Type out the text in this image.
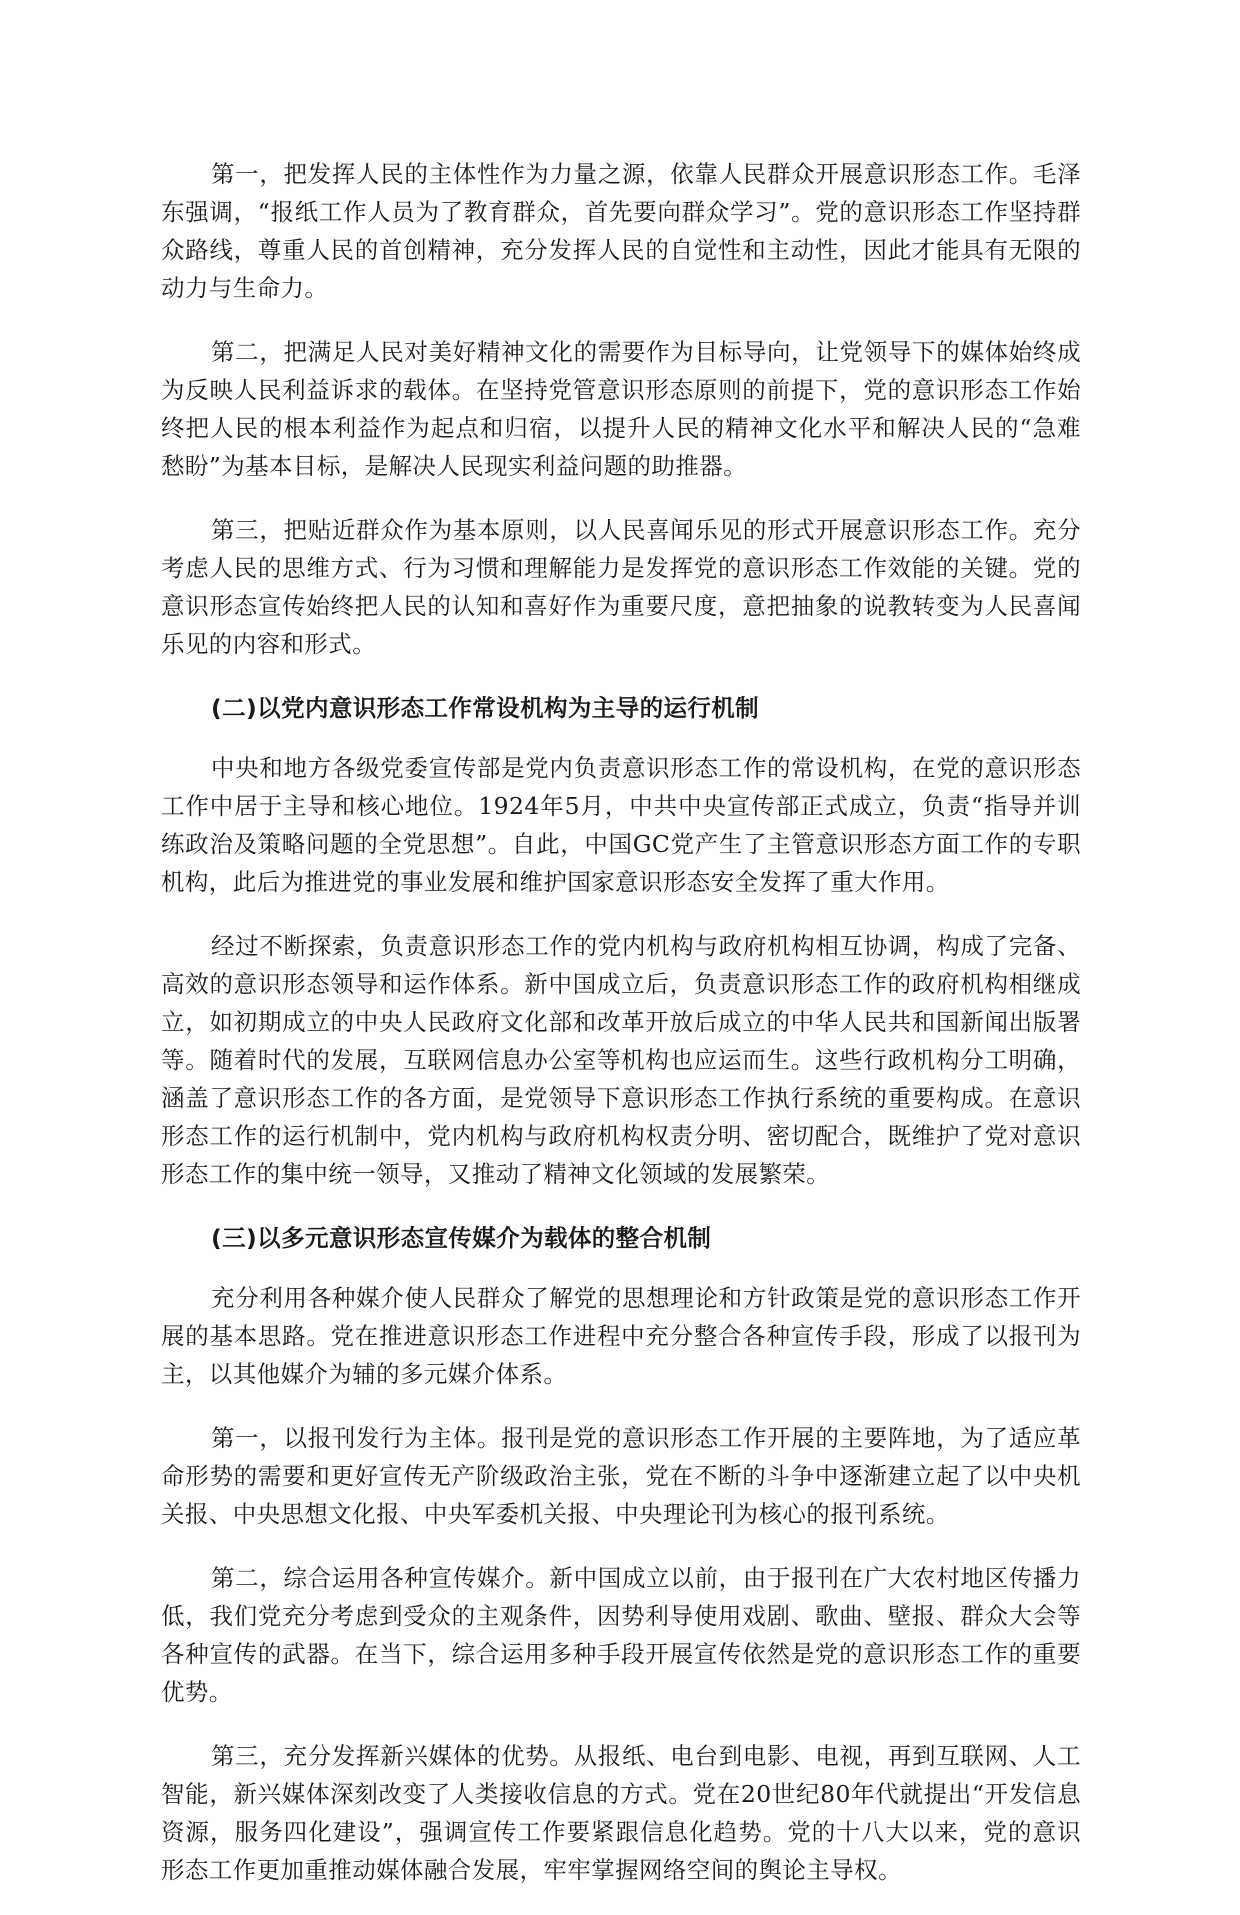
第一，把发挥人民的主体性作为力量之源，依靠人民群众开展意识形态工作。毛泽东强调，“报纸工作人员为了教育群众，首先要向群众学习”。党的意识形态工作坚持群众路线，尊重人民的首创精神，充分发挥人民的自觉性和主动性，因此才能具有无限的动力与生命力。

第二，把满足人民对美好精神文化的需要作为目标导向，让党领导下的媒体始终成为反映人民利益诉求的载体。在坚持党管意识形态原则的前提下，党的意识形态工作始终把人民的根本利益作为起点和归宿，以提升人民的精神文化水平和解决人民的“急难愁盼”为基本目标，是解决人民现实利益问题的助推器。

第三，把贴近群众作为基本原则，以人民喜闻乐见的形式开展意识形态工作。充分考虑人民的思维方式、行为习惯和理解能力是发挥党的意识形态工作效能的关键。党的意识形态宣传始终把人民的认知和喜好作为重要尺度，意把抽象的说教转变为人民喜闻乐见的内容和形式。

(二)以党内意识形态工作常设机构为主导的运行机制

中央和地方各级党委宣传部是党内负责意识形态工作的常设机构，在党的意识形态工作中居于主导和核心地位。1924年5月，中共中央宣传部正式成立，负责“指导并训练政治及策略问题的全党思想”。自此，中国GC党产生了主管意识形态方面工作的专职机构，此后为推进党的事业发展和维护国家意识形态安全发挥了重大作用。

经过不断探索，负责意识形态工作的党内机构与政府机构相互协调，构成了完备、高效的意识形态领导和运作体系。新中国成立后，负责意识形态工作的政府机构相继成立，如初期成立的中央人民政府文化部和改革开放后成立的中华人民共和国新闻出版署等。随着时代的发展，互联网信息办公室等机构也应运而生。这些行政机构分工明确，涵盖了意识形态工作的各方面，是党领导下意识形态工作执行系统的重要构成。在意识形态工作的运行机制中，党内机构与政府机构权责分明、密切配合，既维护了党对意识形态工作的集中统一领导，又推动了精神文化领域的发展繁荣。

(三)以多元意识形态宣传媒介为载体的整合机制

充分利用各种媒介使人民群众了解党的思想理论和方针政策是党的意识形态工作开展的基本思路。党在推进意识形态工作进程中充分整合各种宣传手段，形成了以报刊为主，以其他媒介为辅的多元媒介体系。

第一，以报刊发行为主体。报刊是党的意识形态工作开展的主要阵地，为了适应革命形势的需要和更好宣传无产阶级政治主张，党在不断的斗争中逐渐建立起了以中央机关报、中央思想文化报、中央军委机关报、中央理论刊为核心的报刊系统。

第二，综合运用各种宣传媒介。新中国成立以前，由于报刊在广大农村地区传播力低，我们党充分考虑到受众的主观条件，因势利导使用戏剧、歌曲、壁报、群众大会等各种宣传的武器。在当下，综合运用多种手段开展宣传依然是党的意识形态工作的重要优势。

第三，充分发挥新兴媒体的优势。从报纸、电台到电影、电视，再到互联网、人工智能，新兴媒体深刻改变了人类接收信息的方式。党在20世纪80年代就提出“开发信息资源，服务四化建设”，强调宣传工作要紧跟信息化趋势。党的十八大以来，党的意识形态工作更加重推动媒体融合发展，牢牢掌握网络空间的舆论主导权。
